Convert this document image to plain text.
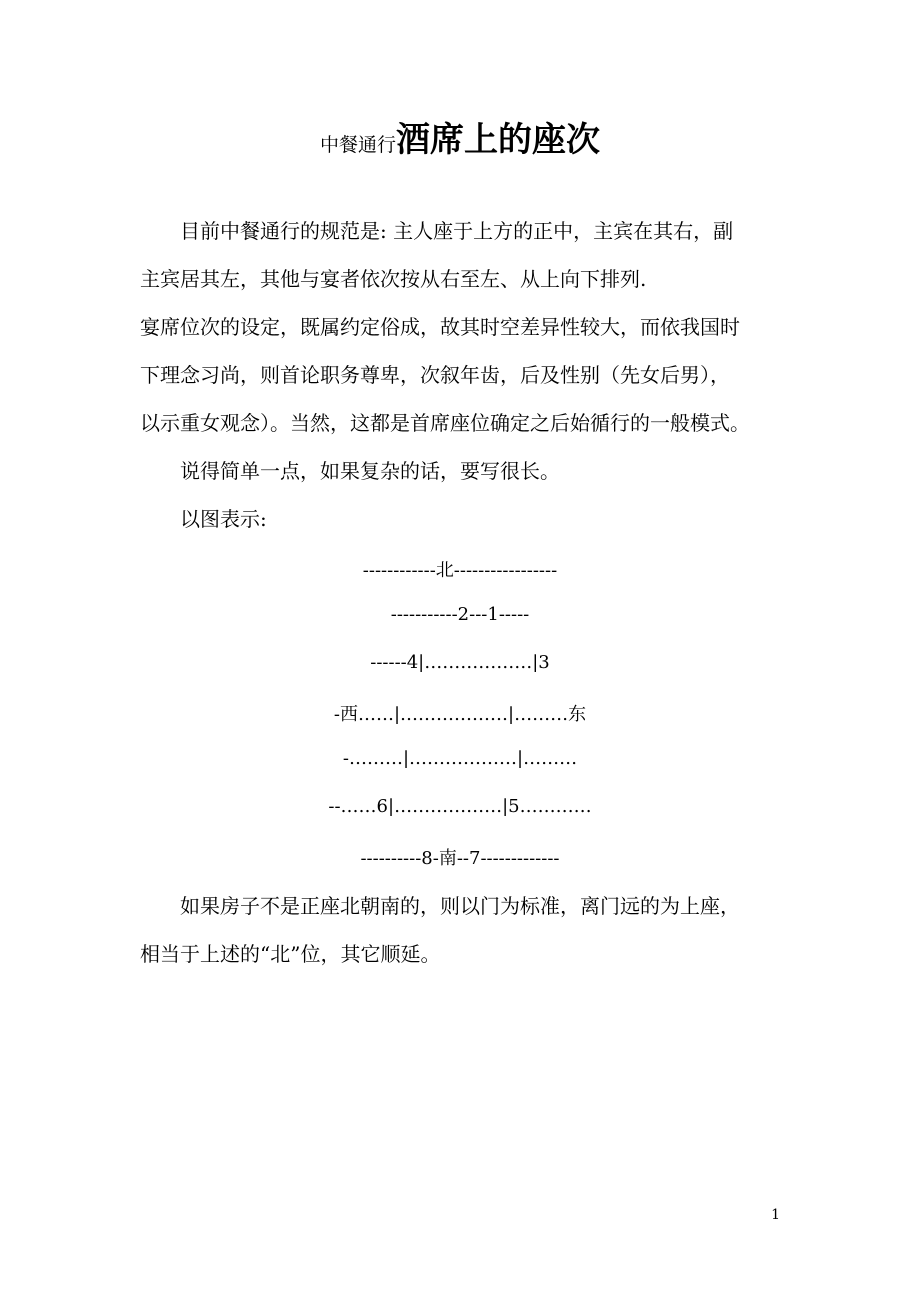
中餐通行酒席上的座次
目前中餐通行的规范是: 主人座于上方的正中，主宾在其右，副
主宾居其左，其他与宴者依次按从右至左、从上向下排列.
宴席位次的设定，既属约定俗成，故其时空差异性较大，而依我国时
下理念习尚，则首论职务尊卑，次叙年齿，后及性别（先女后男），
以示重女观念）。当然，这都是首席座位确定之后始循行的一般模式。
说得简单一点，如果复杂的话，要写很长。
以图表示:
------------北-----------------
-----------2---1-----
------4|………………|3
-西……|………………|………东
-………|………………|………
--……6|………………|5…………
----------8-南--7-------------
如果房子不是正座北朝南的，则以门为标准，离门远的为上座，
相当于上述的“北”位，其它顺延。
1
